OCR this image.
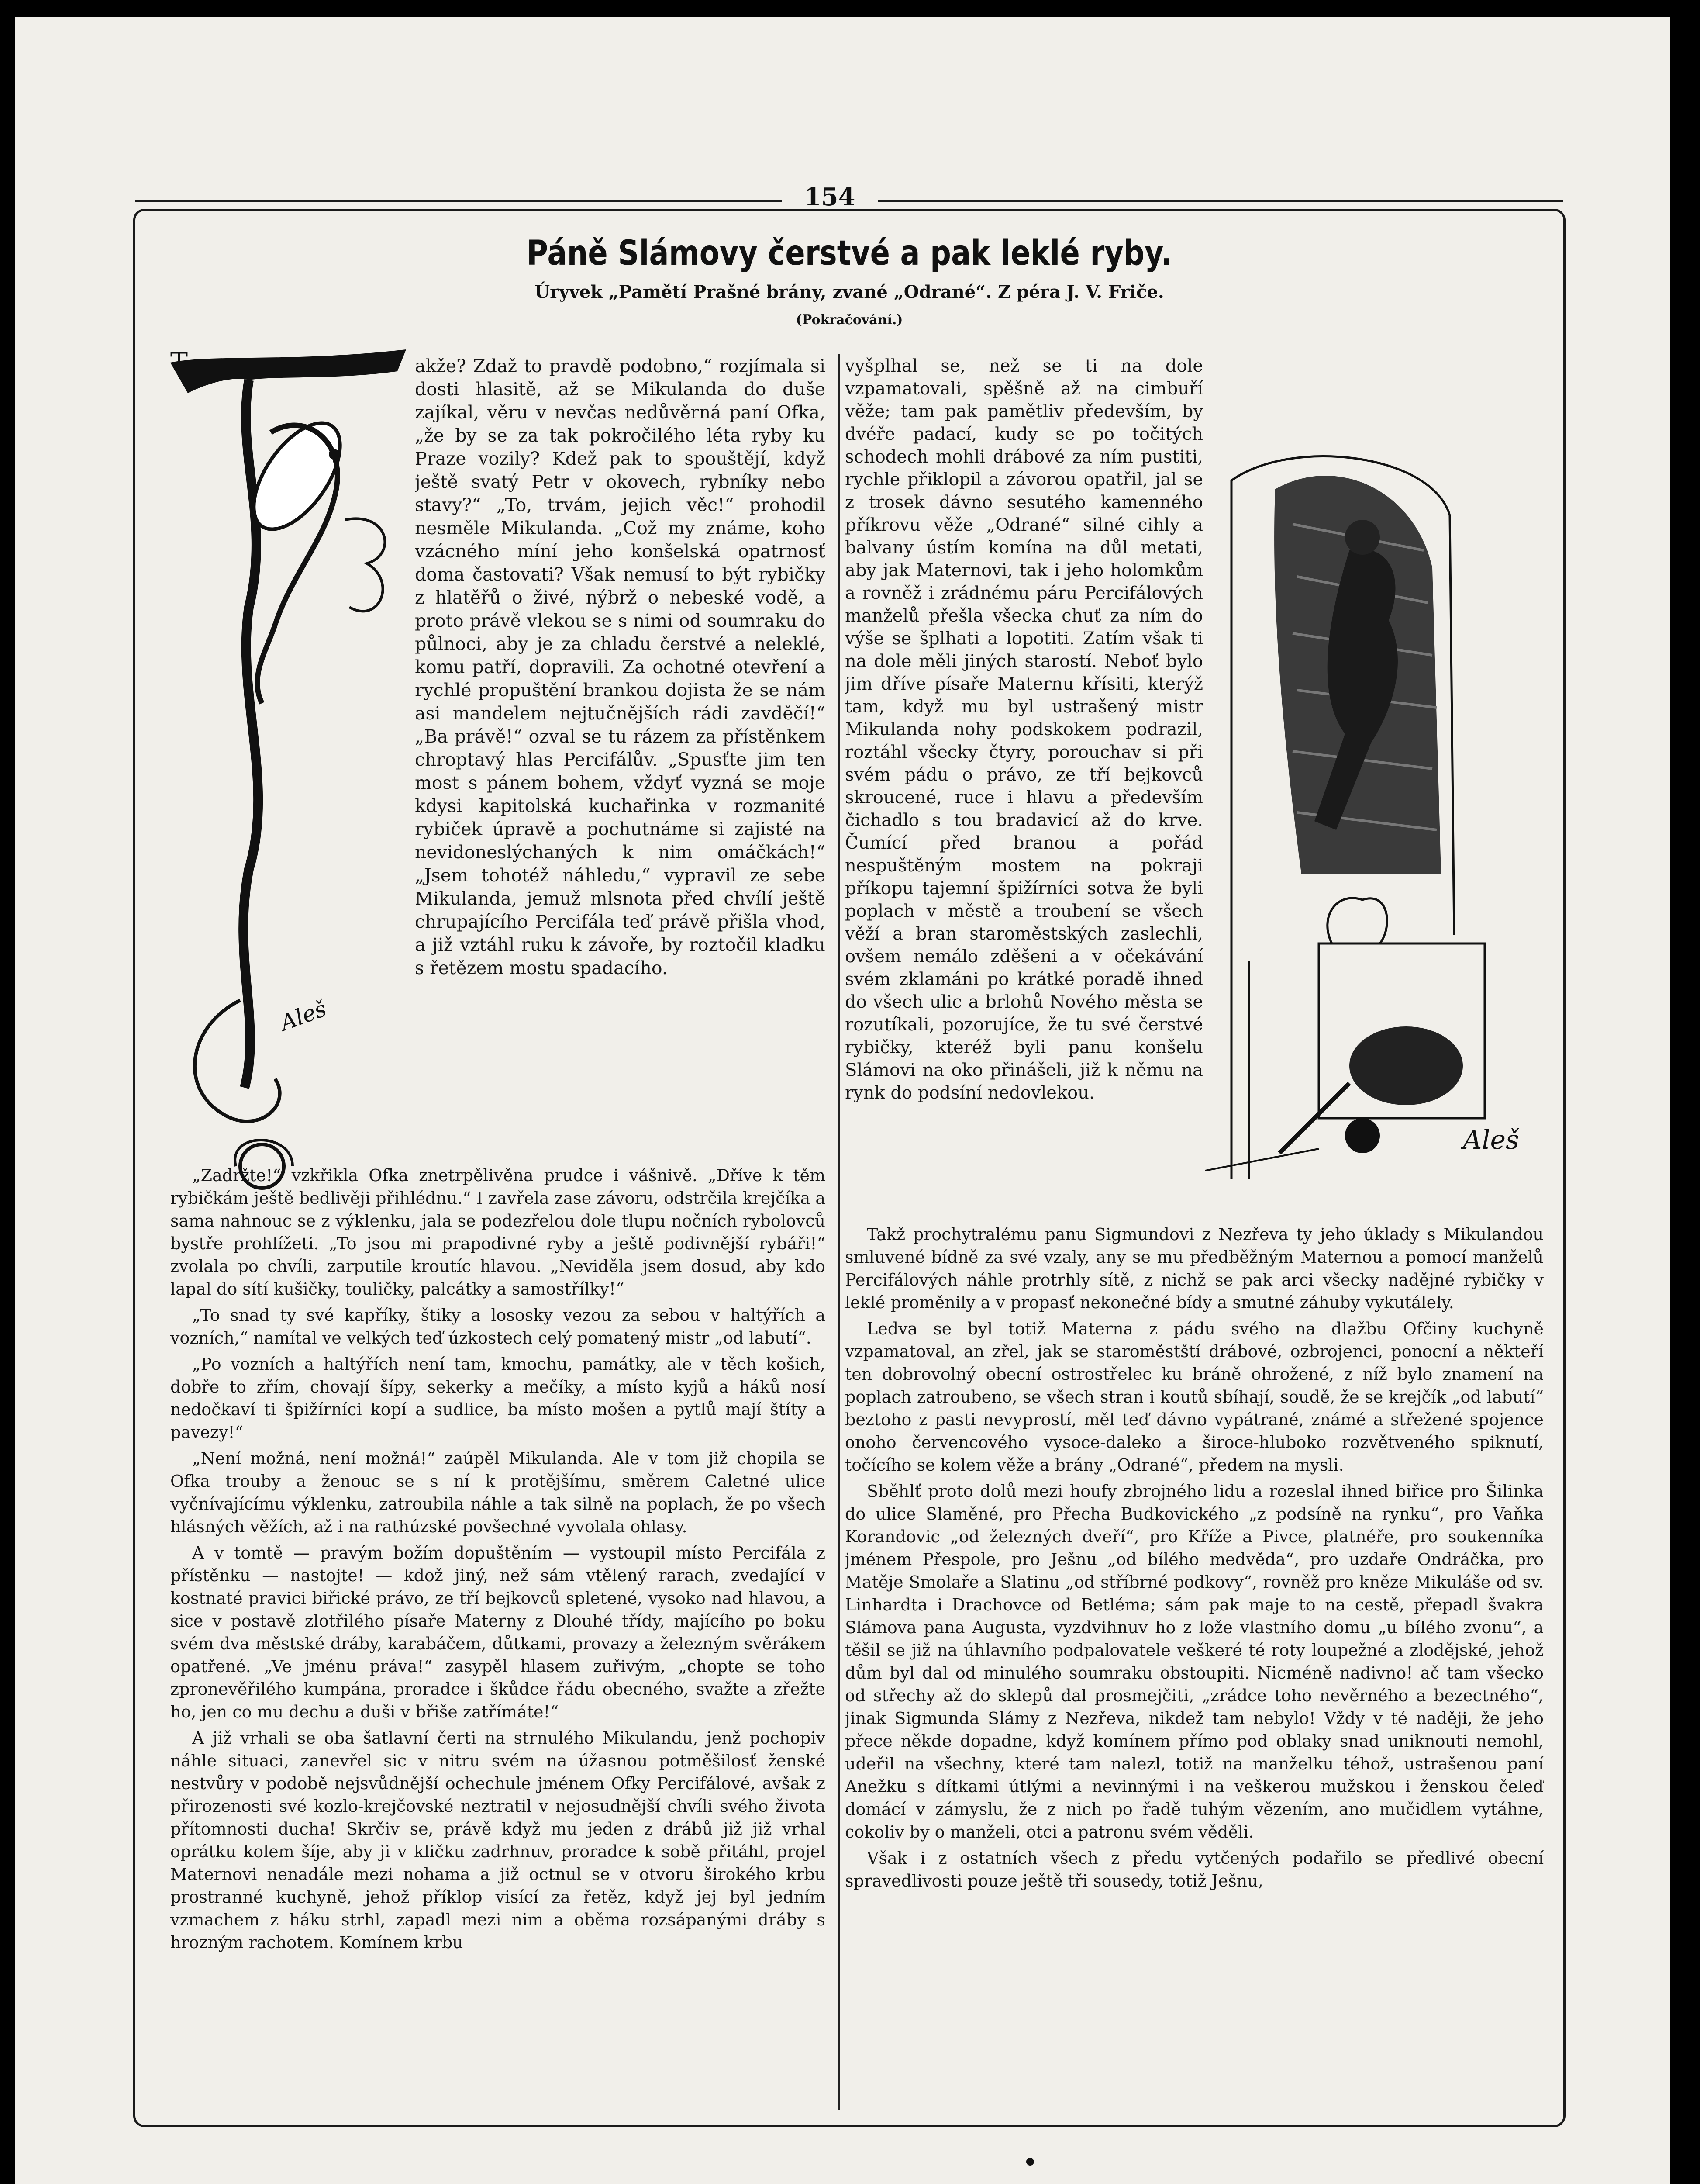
154
Páně Slámovy čerstvé a pak leklé ryby.
Úryvek „Pamětí Prašné brány, zvané „Odrané“. Z péra J. V. Friče.
(Pokračování.)
T
Aleš

akže? Zdaž to pravdě podobno,“ rozjímala si dosti hlasitě, až se Mikulanda do duše zajíkal, věru v nevčas nedůvěrná paní Ofka, „že by se za tak pokročilého léta ryby ku Praze vozily? Kdež pak to spouštějí, když ještě svatý Petr v okovech, rybníky nebo stavy?“ „To, trvám, jejich věc!“ prohodil nesměle Mikulanda. „Což my známe, koho vzácného míní jeho konšelská opatrnosť doma častovati? Však nemusí to být rybičky z hlatěřů o živé, nýbrž o nebeské vodě, a proto právě vlekou se s nimi od soumraku do půlnoci, aby je za chladu čerstvé a neleklé, komu patří, dopravili. Za ochotné otevření a rychlé propuštění brankou dojista že se nám asi mandelem nejtučnějších rádi zavděčí!“ „Ba právě!“ ozval se tu rázem za přístěnkem chroptavý hlas Percifálův. „Spusťte jim ten most s pánem bohem, vždyť vyzná se moje kdysi kapitolská kuchařinka v rozmanité rybiček úpravě a pochutnáme si zajisté na nevidoneslýchaných k nim omáčkách!“ „Jsem tohotéž náhledu,“ vypravil ze sebe Mikulanda, jemuž mlsnota před chvílí ještě chrupajícího Percifála teď právě přišla vhod, a již vztáhl ruku k závoře, by roztočil kladku s řetězem mostu spadacího.

„Zadržte!“ vzkřikla Ofka znetrpělivěna prudce i vášnivě. „Dříve k těm rybičkám ještě bedlivěji přihlédnu.“ I zavřela zase závoru, odstrčila krejčíka a sama nahnouc se z výklenku, jala se podezřelou dole tlupu nočních rybolovců bystře prohlížeti. „To jsou mi prapodivné ryby a ještě podivnější rybáři!“ zvolala po chvíli, zarputile kroutíc hlavou. „Neviděla jsem dosud, aby kdo lapal do sítí kušičky, touličky, palcátky a samostřílky!“

„To snad ty své kapříky, štiky a lososky vezou za sebou v haltýřích a vozních,“ namítal ve velkých teď úzkostech celý pomatený mistr „od labutí“.

„Po vozních a haltýřích není tam, kmochu, památky, ale v těch košich, dobře to zřím, chovají šípy, sekerky a mečíky, a místo kyjů a háků nosí nedočkaví ti špižírníci kopí a sudlice, ba místo mošen a pytlů mají štíty a pavezy!“

„Není možná, není možná!“ zaúpěl Mikulanda. Ale v tom již chopila se Ofka trouby a ženouc se s ní k protějšímu, směrem Caletné ulice vyčnívajícímu výklenku, zatroubila náhle a tak silně na poplach, že po všech hlásných věžích, až i na rathúzské povšechné vyvolala ohlasy.

A v tomtě — pravým božím dopuštěním — vystoupil místo Percifála z přístěnku — nastojte! — kdož jiný, než sám vtělený rarach, zvedající v kostnaté pravici biřické právo, ze tří bejkovců spletené, vysoko nad hlavou, a sice v postavě zlotřilého písaře Materny z Dlouhé třídy, majícího po boku svém dva městské dráby, karabáčem, důtkami, provazy a železným svěrákem opatřené. „Ve jménu práva!“ zasypěl hlasem zuřivým, „chopte se toho zpronevěřilého kumpána, proradce i škůdce řádu obecného, svažte a zřežte ho, jen co mu dechu a duši v břiše zatřímáte!“

A již vrhali se oba šatlavní čerti na strnulého Mikulandu, jenž pochopiv náhle situaci, zanevřel sic v nitru svém na úžasnou potměšilosť ženské nestvůry v podobě nejsvůdnější ochechule jménem Ofky Percifálové, avšak z přirozenosti své kozlo-krejčovské neztratil v nejosudnější chvíli svého života přítomnosti ducha! Skrčiv se, právě když mu jeden z drábů již již vrhal oprátku kolem šíje, aby ji v kličku zadrhnuv, proradce k sobě přitáhl, projel Maternovi nenadále mezi nohama a již octnul se v otvoru širokého krbu prostranné kuchyně, jehož příklop visící za řetěz, když jej byl jedním vzmachem z háku strhl, zapadl mezi nim a oběma rozsápanými dráby s hrozným rachotem. Komínem krbu

vyšplhal se, než se ti na dole vzpamatovali, spěšně až na cimbuří věže; tam pak pamětliv především, by dvéře padací, kudy se po točitých schodech mohli drábové za ním pustiti, rychle přiklopil a závorou opatřil, jal se z trosek dávno sesutého kamenného příkrovu věže „Odrané“ silné cihly a balvany ústím komína na důl metati, aby jak Maternovi, tak i jeho holomkům a rovněž i zrádnému páru Percifálových manželů přešla všecka chuť za ním do výše se šplhati a lopotiti. Zatím však ti na dole měli jiných starostí. Neboť bylo jim dříve písaře Maternu křísiti, kterýž tam, když mu byl ustrašený mistr Mikulanda nohy podskokem podrazil, roztáhl všecky čtyry, porouchav si při svém pádu o právo, ze tří bejkovců skroucené, ruce i hlavu a především čichadlo s tou bradavicí až do krve. Čumící před branou a pořád nespuštěným mostem na pokraji příkopu tajemní špižírníci sotva že byli poplach v městě a troubení se všech věží a bran staroměstských zaslechli, ovšem nemálo zděšeni a v očekávání svém zklamáni po krátké poradě ihned do všech ulic a brlohů Nového města se rozutíkali, pozorujíce, že tu své čerstvé rybičky, kteréž byli panu konšelu Slámovi na oko přinášeli, již k němu na rynk do podsíní nedovlekou.

Aleš

Takž prochytralému panu Sigmundovi z Nezřeva ty jeho úklady s Mikulandou smluvené bídně za své vzaly, any se mu předběžným Maternou a pomocí manželů Percifálových náhle protrhly sítě, z nichž se pak arci všecky nadějné rybičky v leklé proměnily a v propasť nekonečné bídy a smutné záhuby vykutálely.

Ledva se byl totiž Materna z pádu svého na dlažbu Ofčiny kuchyně vzpamatoval, an zřel, jak se staroměstští drábové, ozbrojenci, ponocní a někteří ten dobrovolný obecní ostrostřelec ku bráně ohrožené, z níž bylo znamení na poplach zatroubeno, se všech stran i koutů sbíhají, soudě, že se krejčík „od labutí“ beztoho z pasti nevyprostí, měl teď dávno vypátrané, známé a střežené spojence onoho červencového vysoce-daleko a široce-hluboko rozvětveného spiknutí, točícího se kolem věže a brány „Odrané“, předem na mysli.

Sběhlť proto dolů mezi houfy zbrojného lidu a rozeslal ihned biřice pro Šilinka do ulice Slaměné, pro Přecha Budkovického „z podsíně na rynku“, pro Vaňka Korandovic „od železných dveří“, pro Kříže a Pivce, platnéře, pro soukenníka jménem Přespole, pro Ješnu „od bílého medvěda“, pro uzdaře Ondráčka, pro Matěje Smolaře a Slatinu „od stříbrné podkovy“, rovněž pro kněze Mikuláše od sv. Linhardta i Drachovce od Betléma; sám pak maje to na cestě, přepadl švakra Slámova pana Augusta, vyzdvihnuv ho z lože vlastního domu „u bílého zvonu“, a těšil se již na úhlavního podpalovatele veškeré té roty loupežné a zlodějské, jehož dům byl dal od minulého soumraku obstoupiti. Nicméně nadivno! ač tam všecko od střechy až do sklepů dal prosmejčiti, „zrádce toho nevěrného a bezectného“, jinak Sigmunda Slámy z Nezřeva, nikdež tam nebylo! Vždy v té naději, že jeho přece někde dopadne, když komínem přímo pod oblaky snad uniknouti nemohl, udeřil na všechny, které tam nalezl, totiž na manželku téhož, ustrašenou paní Anežku s dítkami útlými a nevinnými i na veškerou mužskou i ženskou čeleď domácí v zámyslu, že z nich po řadě tuhým vězením, ano mučidlem vytáhne, cokoliv by o manželi, otci a patronu svém věděli.

Však i z ostatních všech z předu vytčených podařilo se předlivé obecní spravedlivosti pouze ještě tři sousedy, totiž Ješnu,
